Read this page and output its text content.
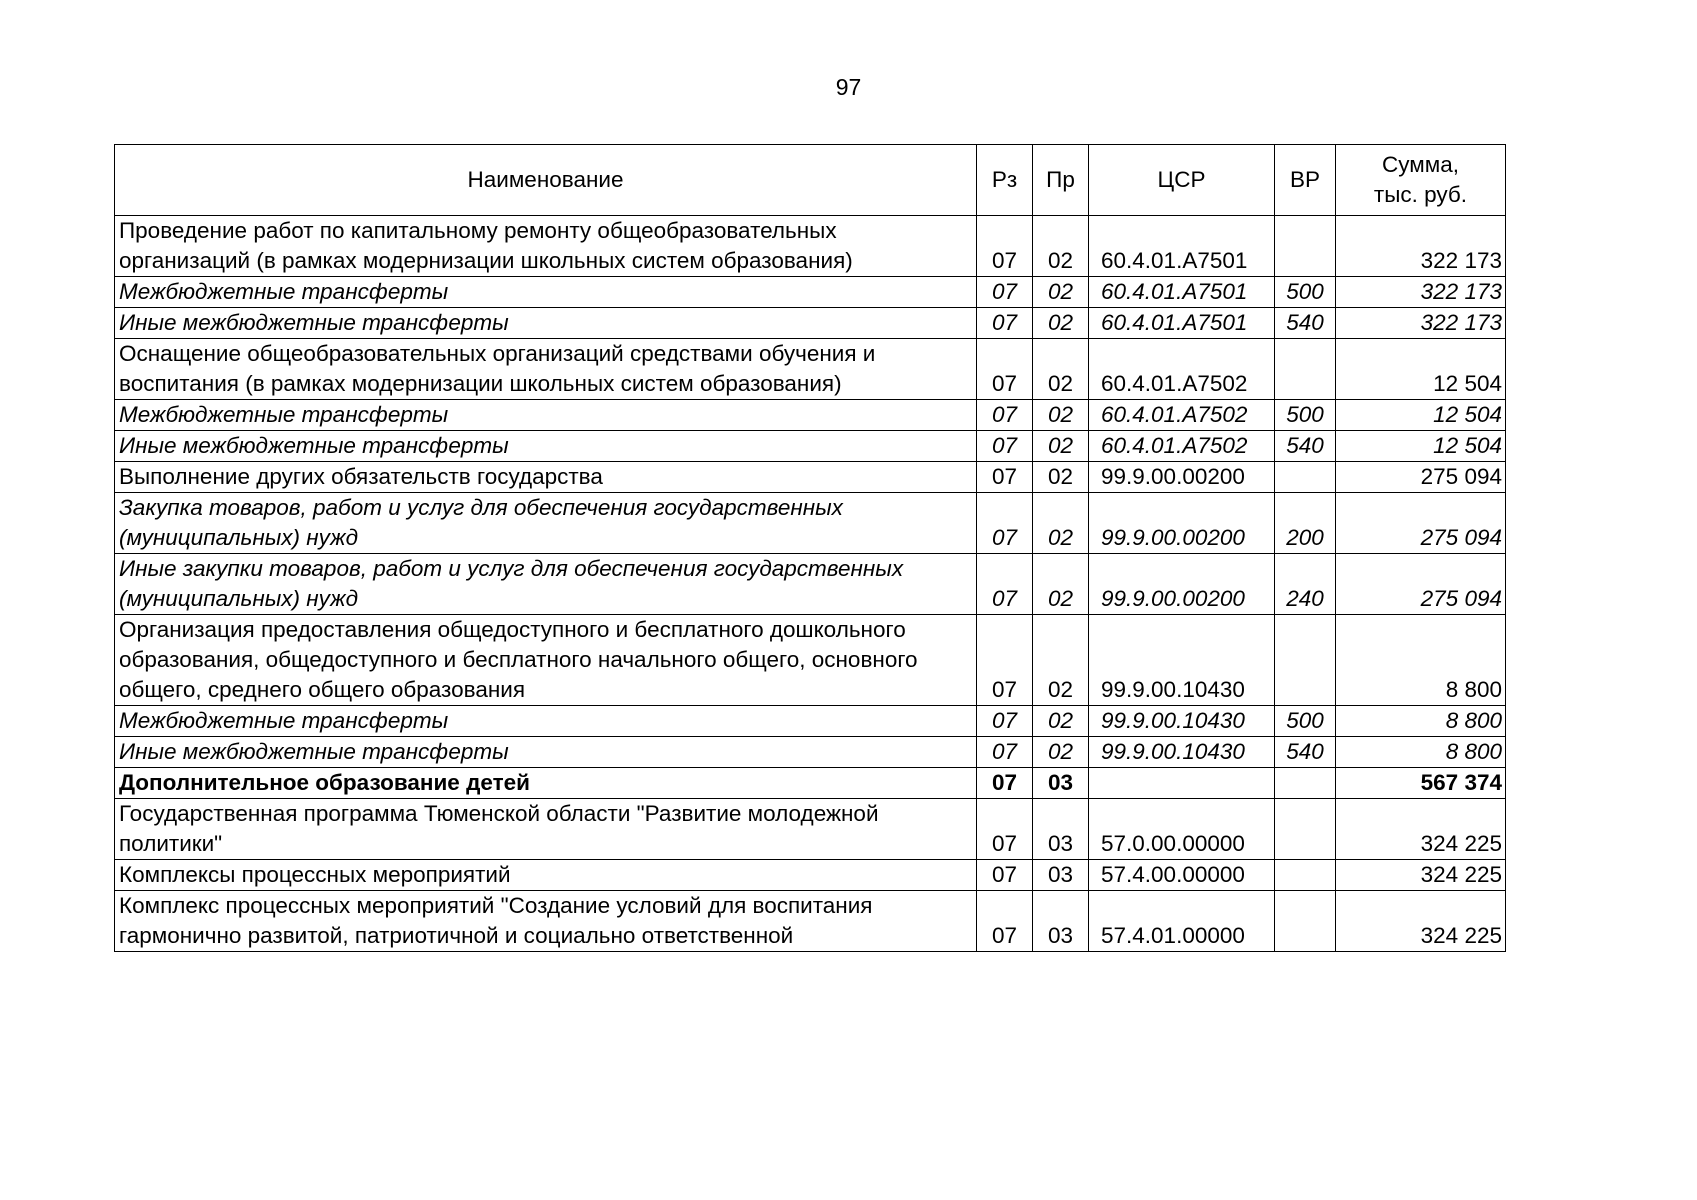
97
Наименование	Рз	Пр	ЦСР	ВР	Сумма,
тыс. руб.
Проведение работ по капитальному ремонту общеобразовательных организаций (в рамках модернизации школьных систем образования)	07	02	60.4.01.А7501		322 173
Межбюджетные трансферты	07	02	60.4.01.А7501	500	322 173
Иные межбюджетные трансферты	07	02	60.4.01.А7501	540	322 173
Оснащение общеобразовательных организаций средствами обучения и воспитания (в рамках модернизации школьных систем образования)	07	02	60.4.01.А7502		12 504
Межбюджетные трансферты	07	02	60.4.01.А7502	500	12 504
Иные межбюджетные трансферты	07	02	60.4.01.А7502	540	12 504
Выполнение других обязательств государства	07	02	99.9.00.00200		275 094
Закупка товаров, работ и услуг для обеспечения государственных (муниципальных) нужд	07	02	99.9.00.00200	200	275 094
Иные закупки товаров, работ и услуг для обеспечения государственных (муниципальных) нужд	07	02	99.9.00.00200	240	275 094
Организация предоставления общедоступного и бесплатного дошкольного образования, общедоступного и бесплатного начального общего, основного общего, среднего общего образования	07	02	99.9.00.10430		8 800
Межбюджетные трансферты	07	02	99.9.00.10430	500	8 800
Иные межбюджетные трансферты	07	02	99.9.00.10430	540	8 800
Дополнительное образование детей	07	03			567 374
Государственная программа Тюменской области "Развитие молодежной политики"	07	03	57.0.00.00000		324 225
Комплексы процессных мероприятий	07	03	57.4.00.00000		324 225
Комплекс процессных мероприятий "Создание условий для воспитания гармонично развитой, патриотичной и социально ответственной	07	03	57.4.01.00000		324 225
